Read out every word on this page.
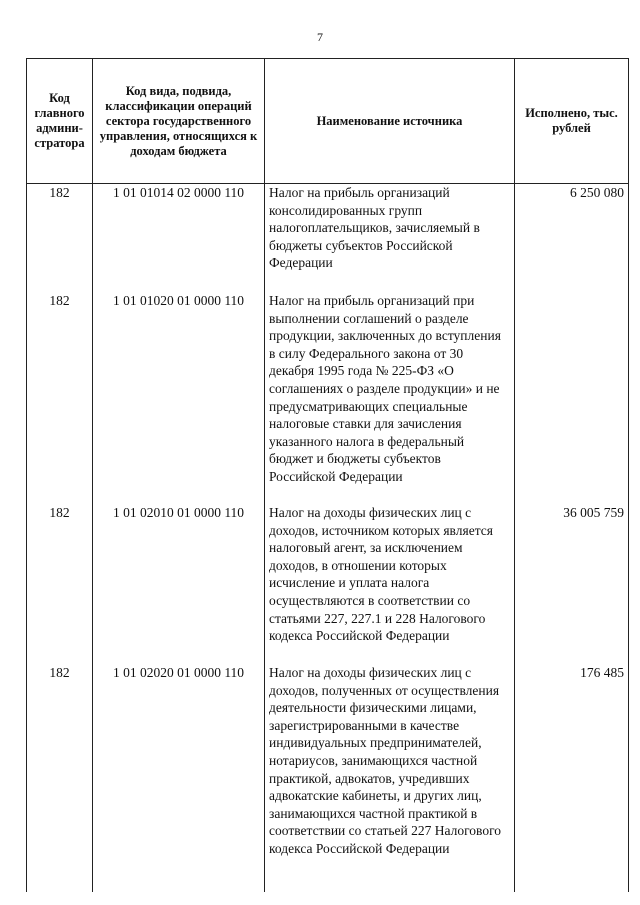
7
Код главного админи-стратора	Код вида, подвида, классификации операций сектора государственного управления, относящихся к доходам бюджета	Наименование источника	Исполнено, тыс. рублей
182	1 01 01014 02 0000 110	Налог на прибыль организаций консолидированных групп налогоплательщиков, зачисляемый в бюджеты субъектов Российской Федерации	6 250 080
182	1 01 01020 01 0000 110	Налог на прибыль организаций при выполнении соглашений о разделе продукции, заключенных до вступления в силу Федерального закона от 30 декабря 1995 года № 225-ФЗ «О соглашениях о разделе продукции» и не предусматривающих специальные налоговые ставки для зачисления указанного налога в федеральный бюджет и бюджеты субъектов Российской Федерации	
182	1 01 02010 01 0000 110	Налог на доходы физических лиц с доходов, источником которых является налоговый агент, за исключением доходов, в отношении которых исчисление и уплата налога осуществляются в соответствии со статьями 227, 227.1 и 228 Налогового кодекса Российской Федерации	36 005 759
182	1 01 02020 01 0000 110	Налог на доходы физических лиц с доходов, полученных от осуществления деятельности физическими лицами, зарегистрированными в качестве индивидуальных предпринимателей, нотариусов, занимающихся частной практикой, адвокатов, учредивших адвокатские кабинеты, и других лиц, занимающихся частной практикой в соответствии со статьей 227 Налогового кодекса Российской Федерации	176 485
